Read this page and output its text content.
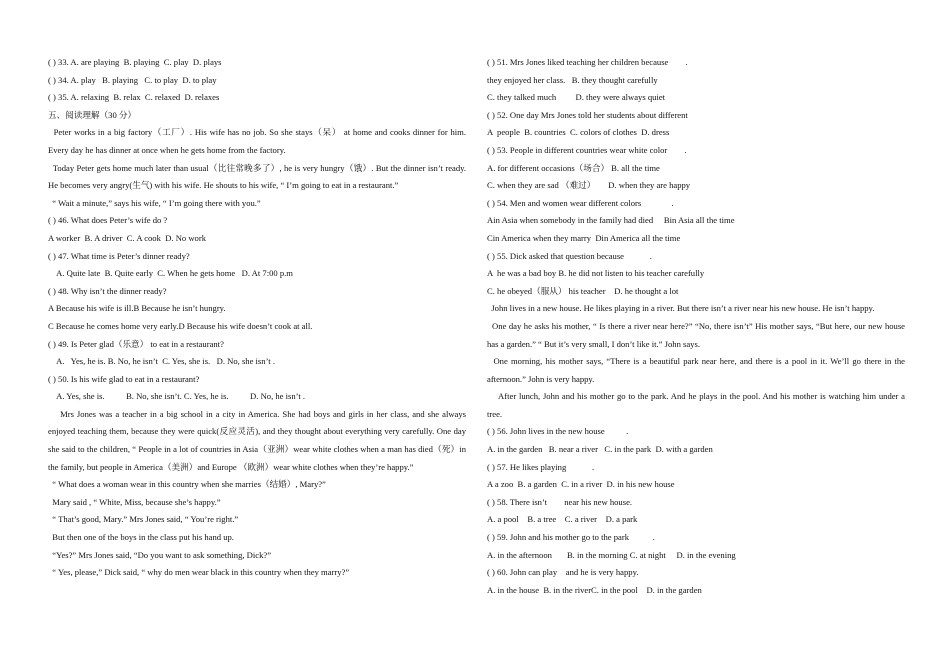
( ) 33. A. are playing  B. playing  C. play  D. plays
( ) 34. A. play   B. playing   C. to play  D. to play
( ) 35. A. relaxing  B. relax  C. relaxed  D. relaxes
五、阅读理解（30 分）
Peter works in a big factory（工厂）. His wife has no job. So she stays（呆） at home and cooks dinner for him. Every day he has dinner at once when he gets home from the factory.
Today Peter gets home much later than usual（比往常晚多了）, he is very hungry（饿）. But the dinner isn’t ready. He becomes very angry(生气) with his wife. He shouts to his wife, “ I’m going to eat in a restaurant.”
“ Wait a minute,” says his wife, “ I’m going there with you.”
( ) 46. What does Peter’s wife do ?
A worker  B. A driver  C. A cook  D. No work
( ) 47. What time is Peter’s dinner ready?
A. Quite late  B. Quite early  C. When he gets home   D. At 7:00 p.m
( ) 48. Why isn’t the dinner ready?
A Because his wife is ill.B Because he isn’t hungry.
C Because he comes home very early.D Because his wife doesn’t cook at all.
( ) 49. Is Peter glad（乐意） to eat in a restaurant?
A.   Yes, he is. B. No, he isn’t  C. Yes, she is.   D. No, she isn’t .
( ) 50. Is his wife glad to eat in a restaurant?
A. Yes, she is.          B. No, she isn’t. C. Yes, he is.          D. No, he isn’t .
Mrs Jones was a teacher in a big school in a city in America. She had boys and girls in her class, and she always enjoyed teaching them, because they were quick(反应灵活), and they thought about everything very carefully. One day she said to the children, “ People in a lot of countries in Asia（亚洲）wear white clothes when a man has died（死）in the family, but people in America（美洲）and Europe （欧洲）wear white clothes when they’re happy.”
“ What does a woman wear in this country when she marries（结婚）, Mary?”
Mary said , “ White, Miss, because she’s happy.”
“ That’s good, Mary.” Mrs Jones said, “ You’re right.”
But then one of the boys in the class put his hand up.
“Yes?” Mrs Jones said, “Do you want to ask something, Dick?”
“ Yes, please,” Dick said, “ why do men wear black in this country when they marry?”
( ) 51. Mrs Jones liked teaching her children because        .
they enjoyed her class.   B. they thought carefully
C. they talked much         D. they were always quiet
( ) 52. One day Mrs Jones told her students about different
A  people  B. countries  C. colors of clothes  D. dress
( ) 53. People in different countries wear white color        .
A. for different occasions（场合） B. all the time
C. when they are sad （难过）      D. when they are happy
( ) 54. Men and women wear different colors              .
Ain Asia when somebody in the family had died     Bin Asia all the time
Cin America when they marry  Din America all the time
( ) 55. Dick asked that question because            .
A  he was a bad boy B. he did not listen to his teacher carefully
C. he obeyed（服从） his teacher    D. he thought a lot
John lives in a new house. He likes playing in a river. But there isn’t a river near his new house. He isn’t happy.
One day he asks his mother, “ Is there a river near here?” “No, there isn’t” His mother says, “But here, our new house has a garden.” “ But it’s very small, I don’t like it.” John says.
One morning, his mother says, “There is a beautiful park near here, and there is a pool in it. We’ll go there in the afternoon.” John is very happy.
After lunch, John and his mother go to the park. And he plays in the pool. And his mother is watching him under a tree.
( ) 56. John lives in the new house          .
A. in the garden   B. near a river   C. in the park  D. with a garden
( ) 57. He likes playing            .
A a zoo  B. a garden  C. in a river  D. in his new house
( ) 58. There isn’t        near his new house.
A. a pool    B. a tree    C. a river    D. a park
( ) 59. John and his mother go to the park           .
A. in the afternoon       B. in the morning C. at night     D. in the evening
( ) 60. John can play    and he is very happy.
A. in the house  B. in the riverC. in the pool    D. in the garden
